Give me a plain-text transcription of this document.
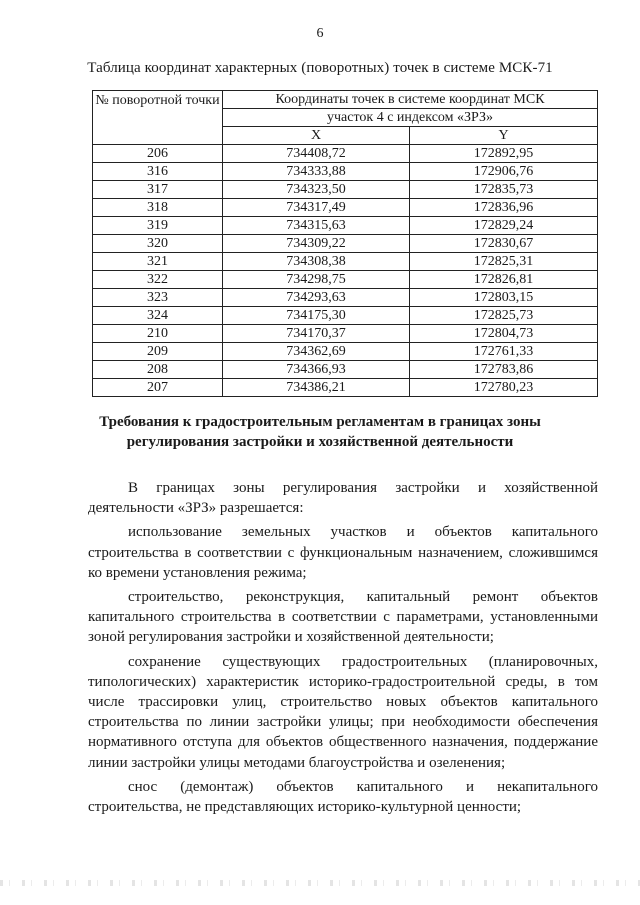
6
Таблица координат характерных (поворотных) точек в системе МСК-71
№ поворотной точки	Координаты точек в системе координат МСК	
	участок 4 с индексом «ЗРЗ»	
	X	Y
206	734408,72	172892,95
316	734333,88	172906,76
317	734323,50	172835,73
318	734317,49	172836,96
319	734315,63	172829,24
320	734309,22	172830,67
321	734308,38	172825,31
322	734298,75	172826,81
323	734293,63	172803,15
324	734175,30	172825,73
210	734170,37	172804,73
209	734362,69	172761,33
208	734366,93	172783,86
207	734386,21	172780,23
Требования к градостроительным регламентам в границах зоны регулирования застройки и хозяйственной деятельности

В границах зоны регулирования застройки и хозяйственной деятельности «ЗРЗ» разрешается:

использование земельных участков и объектов капитального строительства в соответствии с функциональным назначением, сложившимся ко времени установления режима;

строительство, реконструкция, капитальный ремонт объектов капитального строительства в соответствии с параметрами, установленными зоной регулирования застройки и хозяйственной деятельности;

сохранение существующих градостроительных (планировочных, типологических) характеристик историко-градостроительной среды, в том числе трассировки улиц, строительство новых объектов капитального строительства по линии застройки улицы; при необходимости обеспечения нормативного отступа для объектов общественного назначения, поддержание линии застройки улицы методами благоустройства и озеленения;

снос (демонтаж) объектов капитального и некапитального строительства, не представляющих историко-культурной ценности;
